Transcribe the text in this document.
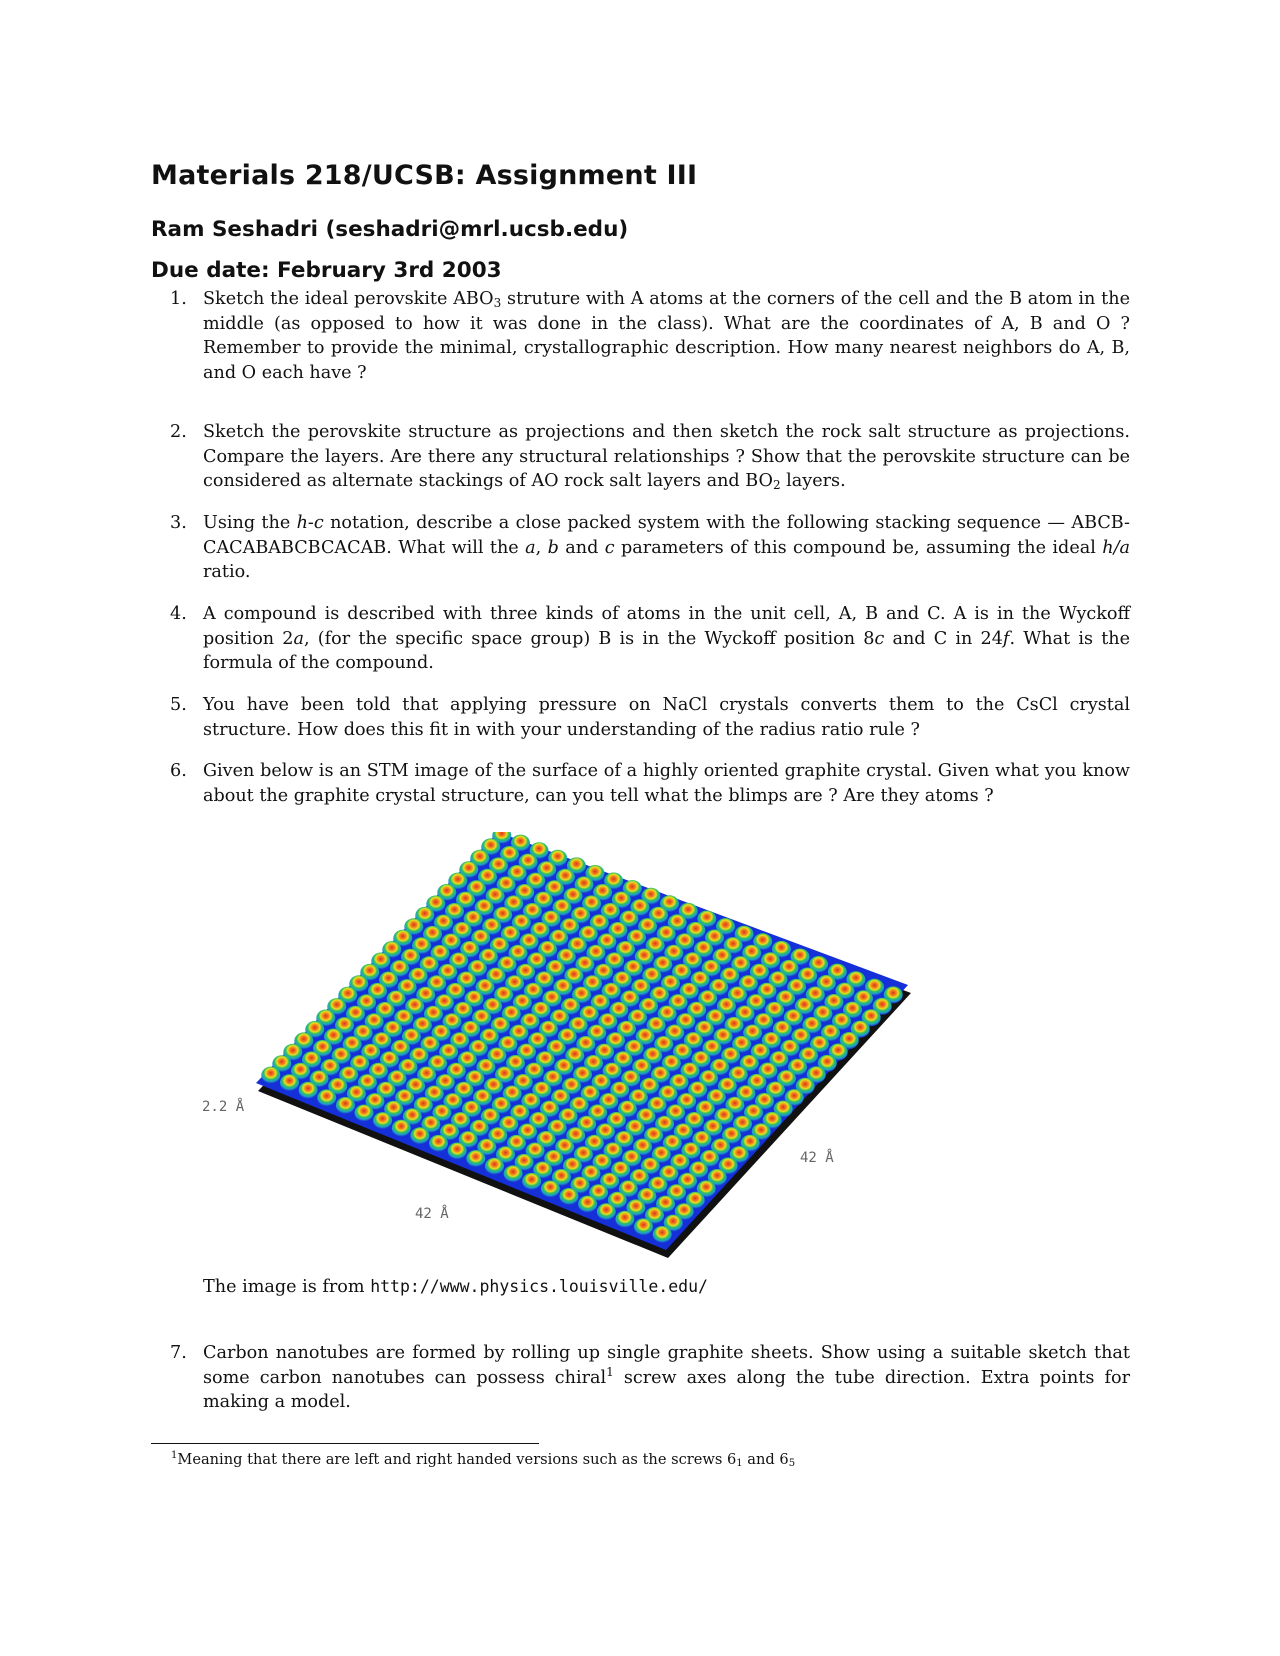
Materials 218/UCSB: Assignment III
Ram Seshadri (seshadri@mrl.ucsb.edu)
Due date: February 3rd 2003
1. Sketch the ideal perovskite $ABO_3$ struture with A atoms at the corners of the cell and the B atom in the middle (as opposed to how it was done in the class). What are the coordinates of A, B and O ? Remember to provide the minimal, crystallographic description. How many nearest neighbors do A, B, and O each have ?
2. Sketch the perovskite structure as projections and then sketch the rock salt structure as projections. Compare the layers. Are there any structural relationships ? Show that the perovskite structure can be considered as alternate stackings of AO rock salt layers and $BO_2$ layers.
3. Using the h-c notation, describe a close packed system with the following stacking sequence — ABCB-CACABABCBCACAB. What will the a, b and c parameters of this compound be, assuming the ideal h/a ratio.
4. A compound is described with three kinds of atoms in the unit cell, A, B and C. A is in the Wyckoff position 2a, (for the specific space group) B is in the Wyckoff position 8c and C in 24f. What is the formula of the compound.
5. You have been told that applying pressure on NaCl crystals converts them to the CsCl crystal structure. How does this fit in with your understanding of the radius ratio rule ?
6. Given below is an STM image of the surface of a highly oriented graphite crystal. Given what you know about the graphite crystal structure, can you tell what the blimps are ? Are they atoms ?
2.2 Å
42 Å
42 Å
The image is from http://www.physics.louisville.edu/
7. Carbon nanotubes are formed by rolling up single graphite sheets. Show using a suitable sketch that some carbon nanotubes can possess chiral$^1$ screw axes along the tube direction. Extra points for making a model.
$^1$Meaning that there are left and right handed versions such as the screws $6_1$ and $6_5$
